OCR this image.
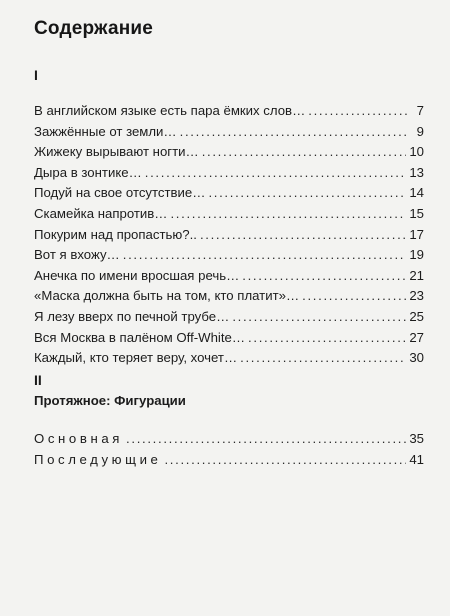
Содержание
I
В английском языке есть пара ёмких слов… . . .	7
Зажжённые от земли… . . .	9
Жижеку вырывают ногти… . . .	10
Дыра в зонтике… . . .	13
Подуй на свое отсутствие… . . .	14
Скамейка напротив… . . .	15
Покурим над пропастью?.. . . .	17
Вот я вхожу… . . .	19
Анечка по имени вросшая речь… . . .	21
«Маска должна быть на том, кто платит»… . . .	23
Я лезу вверх по печной трубе… . . .	25
Вся Москва в палёном Off-White… . . .	27
Каждый, кто теряет веру, хочет… . . .	30
II
Протяжное: Фигурации
Основная . . .	35
Последующие . . .	41
